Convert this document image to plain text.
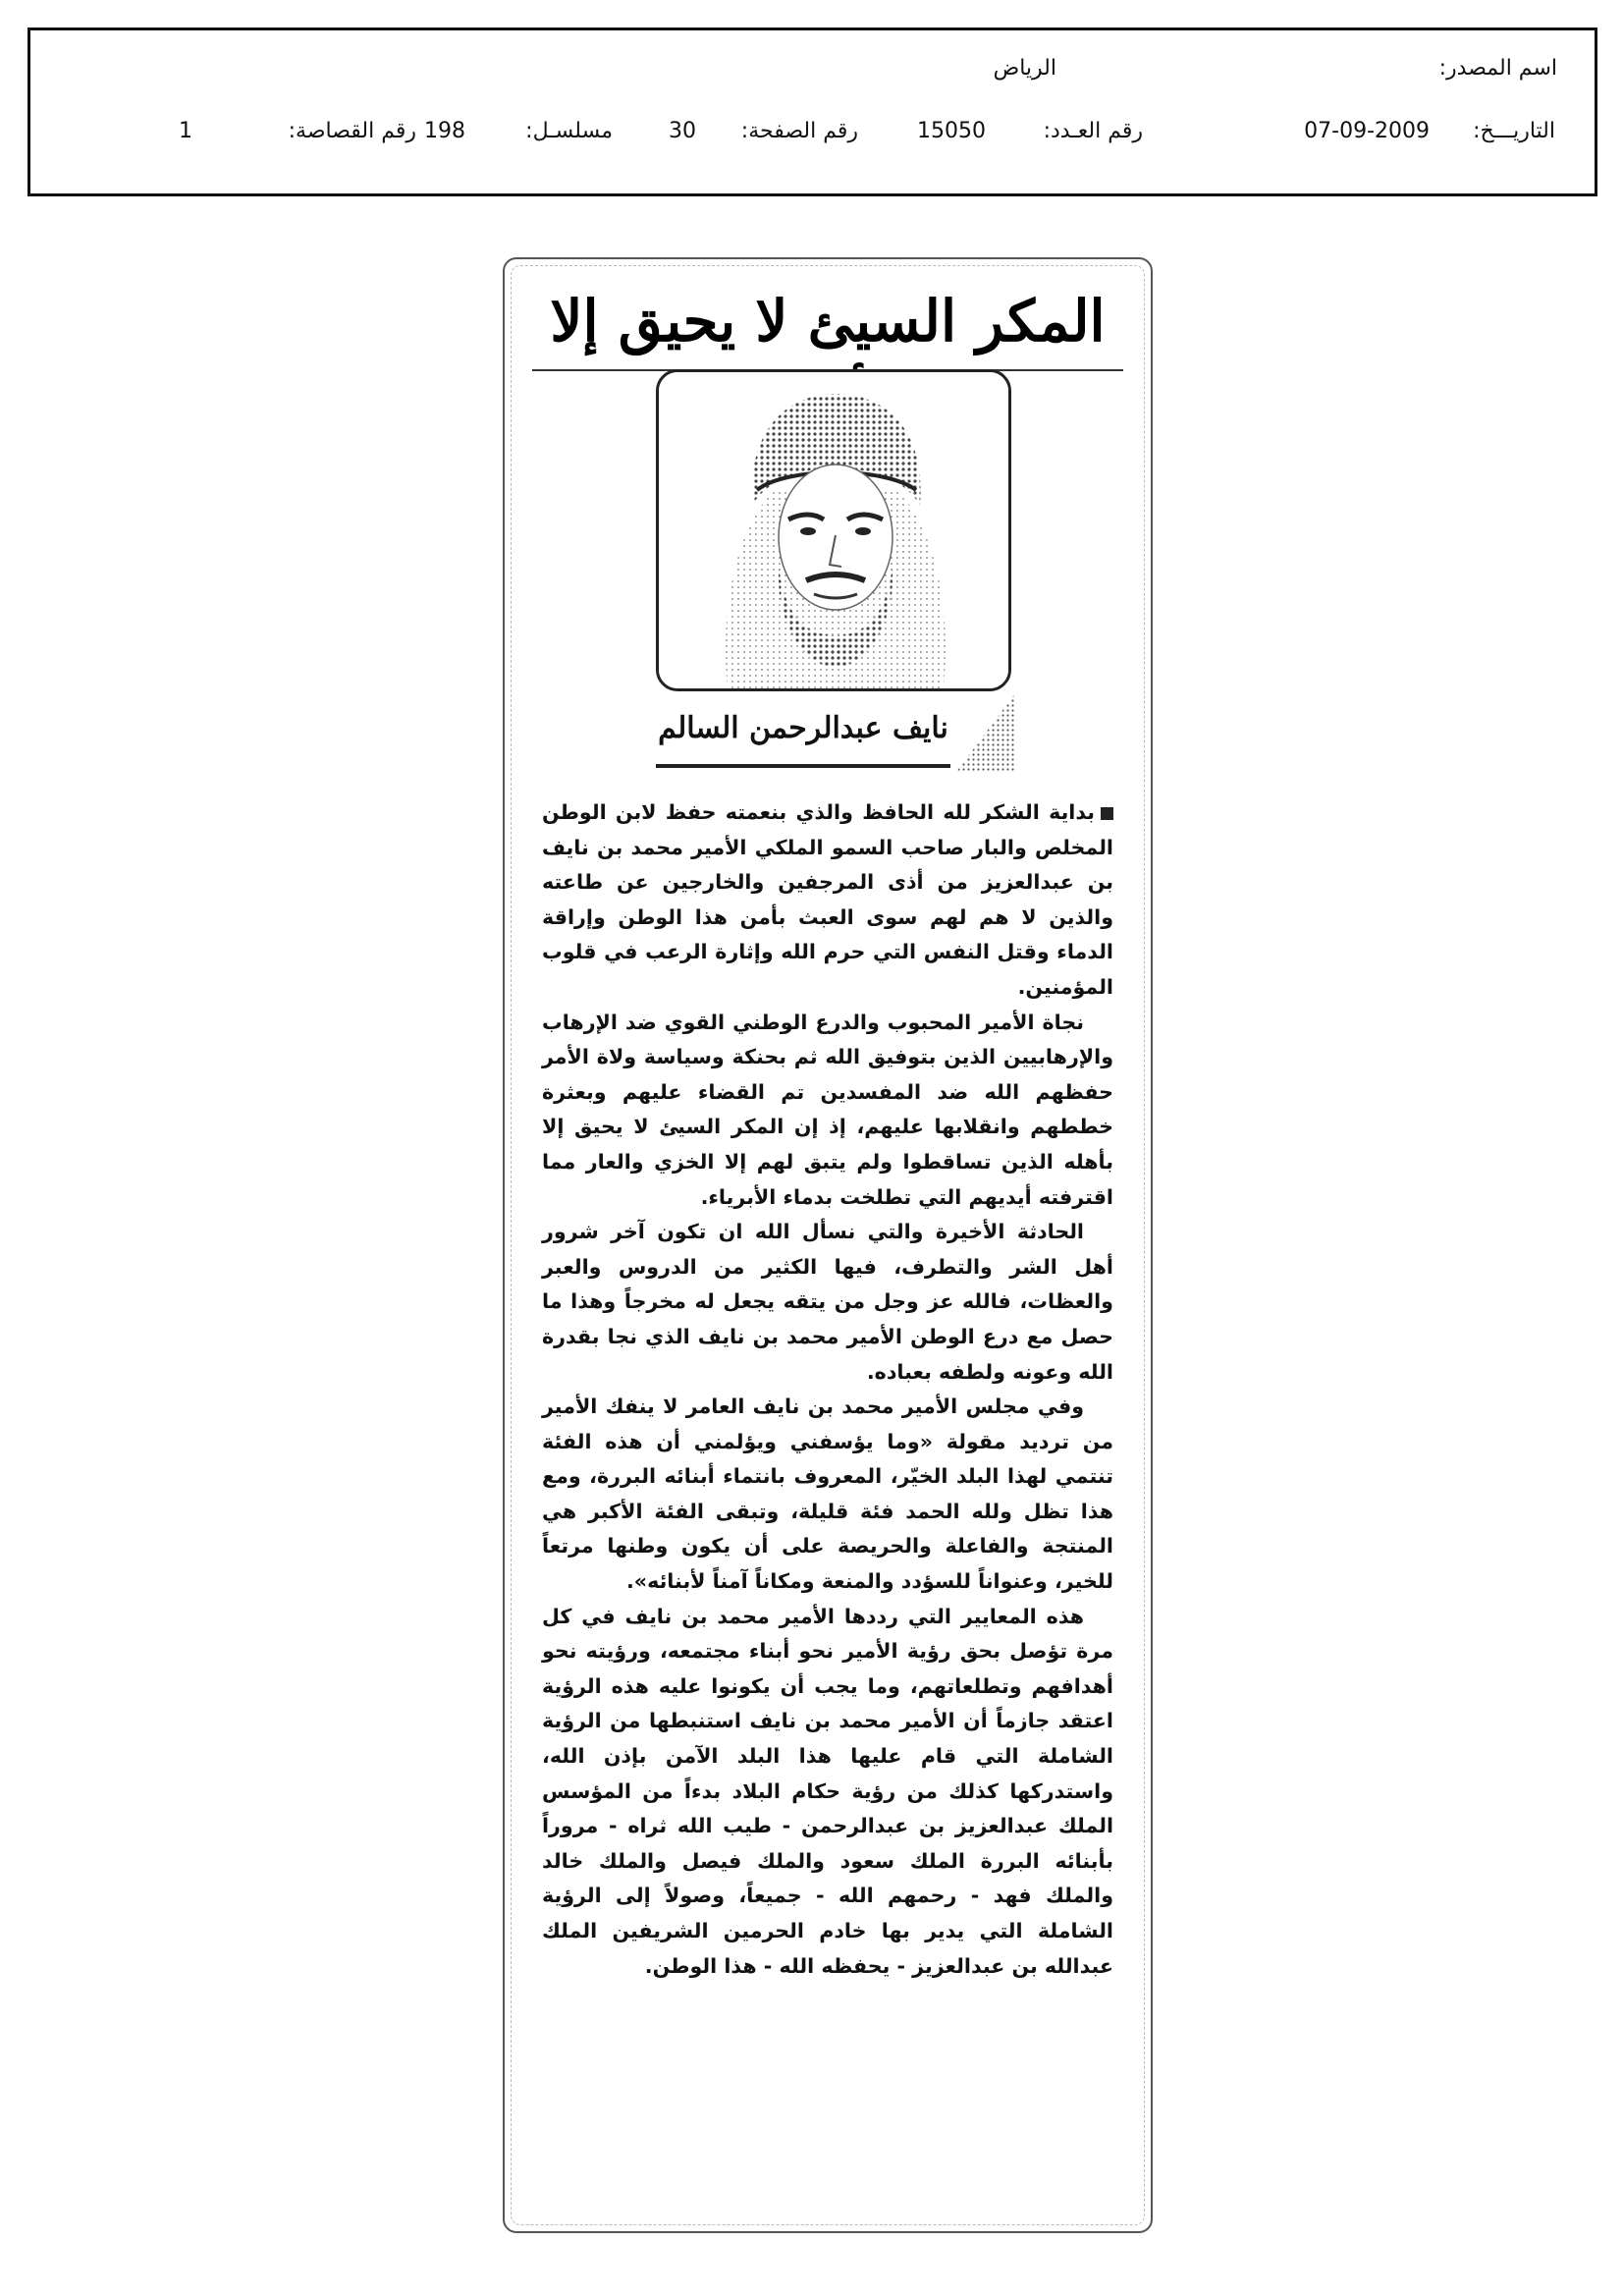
اسم المصدر:
الرياض
التاريـــخ:
07-09-2009
رقم العـدد:
15050
رقم الصفحة:
30
مسلسـل:
198
رقم القصاصة:
1
المكر السيئ لا يحيق إلا
نايف عبدالرحمن السالم

بداية الشكر لله الحافظ والذي بنعمته حفظ لابن الوطن المخلص والبار صاحب السمو الملكي الأمير محمد بن نايف بن عبدالعزيز من أذى المرجفين والخارجين عن طاعته والذين لا هم لهم سوى العبث بأمن هذا الوطن وإراقة الدماء وقتل النفس التي حرم الله وإثارة الرعب في قلوب المؤمنين.

نجاة الأمير المحبوب والدرع الوطني القوي ضد الإرهاب والإرهابيين الذين بتوفيق الله ثم بحنكة وسياسة ولاة الأمر حفظهم الله ضد المفسدين تم القضاء عليهم وبعثرة خططهم وانقلابها عليهم، إذ إن المكر السيئ لا يحيق إلا بأهله الذين تساقطوا ولم يتبق لهم إلا الخزي والعار مما اقترفته أيديهم التي تطلخت بدماء الأبرياء.

الحادثة الأخيرة والتي نسأل الله ان تكون آخر شرور أهل الشر والتطرف، فيها الكثير من الدروس والعبر والعظات، فالله عز وجل من يتقه يجعل له مخرجاً وهذا ما حصل مع درع الوطن الأمير محمد بن نايف الذي نجا بقدرة الله وعونه ولطفه بعباده.

وفي مجلس الأمير محمد بن نايف العامر لا ينفك الأمير من ترديد مقولة «وما يؤسفني ويؤلمني أن هذه الفئة تنتمي لهذا البلد الخيّر، المعروف بانتماء أبنائه البررة، ومع هذا تظل ولله الحمد فئة قليلة، وتبقى الفئة الأكبر هي المنتجة والفاعلة والحريصة على أن يكون وطنها مرتعاً للخير، وعنواناً للسؤدد والمنعة ومكاناً آمناً لأبنائه».

هذه المعايير التي رددها الأمير محمد بن نايف في كل مرة تؤصل بحق رؤية الأمير نحو أبناء مجتمعه، ورؤيته نحو أهدافهم وتطلعاتهم، وما يجب أن يكونوا عليه هذه الرؤية اعتقد جازماً أن الأمير محمد بن نايف استنبطها من الرؤية الشاملة التي قام عليها هذا البلد الآمن بإذن الله، واستدركها كذلك من رؤية حكام البلاد بدءاً من المؤسس الملك عبدالعزيز بن عبدالرحمن - طيب الله ثراه - مروراً بأبنائه البررة الملك سعود والملك فيصل والملك خالد والملك فهد - رحمهم الله - جميعاً، وصولاً إلى الرؤية الشاملة التي يدير بها خادم الحرمين الشريفين الملك عبدالله بن عبدالعزيز - يحفظه الله - هذا الوطن.
